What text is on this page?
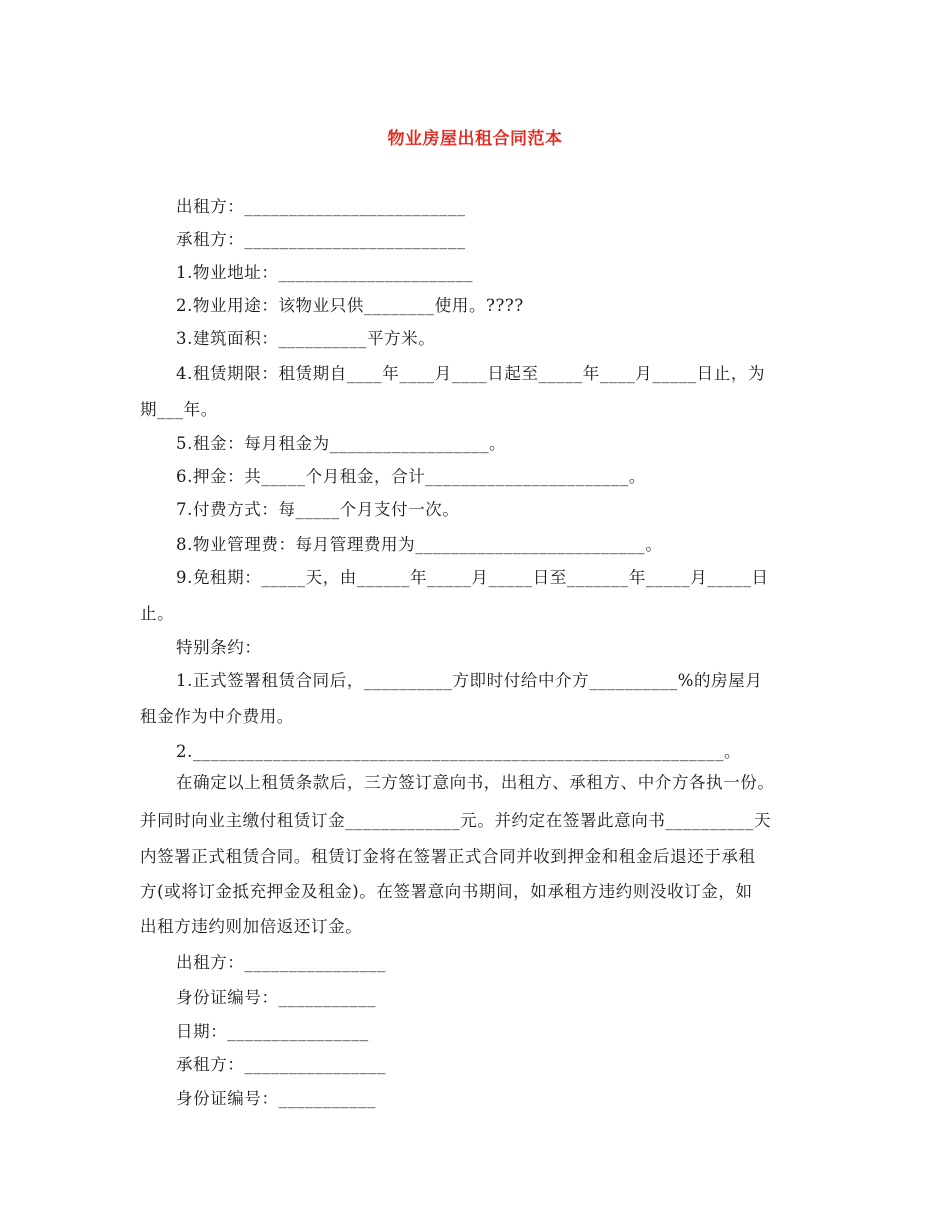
物业房屋出租合同范本
出租方：_________________________
承租方：_________________________
1.物业地址：______________________
2.物业用途：该物业只供________使用。????
3.建筑面积：__________平方米。
4.租赁期限：租赁期自____年____月____日起至_____年____月_____日止，为
期___年。
5.租金：每月租金为__________________。
6.押金：共_____个月租金，合计_______________________。
7.付费方式：每_____个月支付一次。
8.物业管理费：每月管理费用为__________________________。
9.免租期：_____天，由______年_____月_____日至_______年_____月_____日
止。
特别条约：
1.正式签署租赁合同后，__________方即时付给中介方__________%的房屋月
租金作为中介费用。
2.____________________________________________________________。
在确定以上租赁条款后，三方签订意向书，出租方、承租方、中介方各执一份。
并同时向业主缴付租赁订金_____________元。并约定在签署此意向书__________天
内签署正式租赁合同。租赁订金将在签署正式合同并收到押金和租金后退还于承租
方(或将订金抵充押金及租金)。在签署意向书期间，如承租方违约则没收订金，如
出租方违约则加倍返还订金。
出租方：________________
身份证编号：___________
日期：________________
承租方：________________
身份证编号：___________
